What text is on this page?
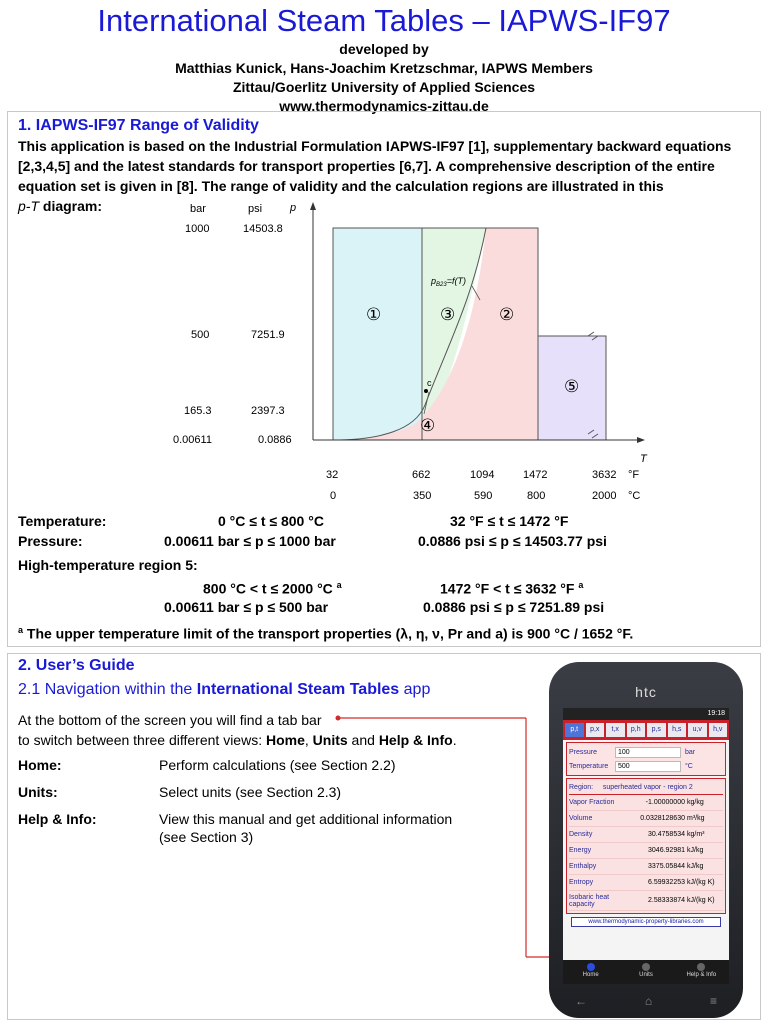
International Steam Tables – IAPWS-IF97
developed by
Matthias Kunick, Hans-Joachim Kretzschmar, IAPWS Members
Zittau/Goerlitz University of Applied Sciences
www.thermodynamics-zittau.de
1. IAPWS-IF97 Range of Validity
This application is based on the Industrial Formulation IAPWS-IF97 [1], supplementary backward equations [2,3,4,5] and the latest standards for transport properties [6,7]. A comprehensive description of the entire equation set is given in [8]. The range of validity and the calculation regions are illustrated in this
p-T diagram:	p
T
bar	psi
1000
500
165.3
0.00611
14503.8
7251.9
2397.3
0.0886
32	662	1094	1472	3632 °F
0	350	590	800	2000 °C
①	③	②
⑤
④
$p_{B23}=f(T)$
c
Temperature:	0 °C ≤ t ≤ 800 °C	32 °F ≤ t ≤ 1472 °F
Pressure:	0.00611 bar ≤ p ≤ 1000 bar	0.0886 psi ≤ p ≤ 14503.77 psi
High-temperature region 5:
800 °C < t ≤ 2000 °C $^a$	1472 °F < t ≤ 3632 °F $^a$
0.00611 bar ≤ p ≤ 500 bar	0.0886 psi ≤ p ≤ 7251.89 psi
$^a$ The upper temperature limit of the transport properties (λ, η, ν, Pr and a) is 900 °C / 1652 °F.
2. User’s Guide
2.1 Navigation within the International Steam Tables app
At the bottom of the screen you will find a tab bar
to switch between three different views: Home, Units and Help & Info.
Home:	Perform calculations (see Section 2.2)
Units:	Select units (see Section 2.3)
Help & Info:	View this manual and get additional information
(see Section 3)
htc
19:18
p,t	p,x	t,x	p,h	p,s	h,s	u,v	h,v
Pressure	100	bar
Temperature	500	°C
Region: superheated vapor - region 2
Vapor Fraction	-1.00000000 kg/kg
Volume	0.0328128630 m³/kg
Density	30.4758534 kg/m³
Energy	3046.92981 kJ/kg
Enthalpy	3375.05844 kJ/kg
Entropy	6.59932253 kJ/(kg K)
Isobaric heat capacity	2.58333874 kJ/(kg K)
www.thermodynamic-property-libraries.com
Home	Units	Help & Info
←	⌂	≡
